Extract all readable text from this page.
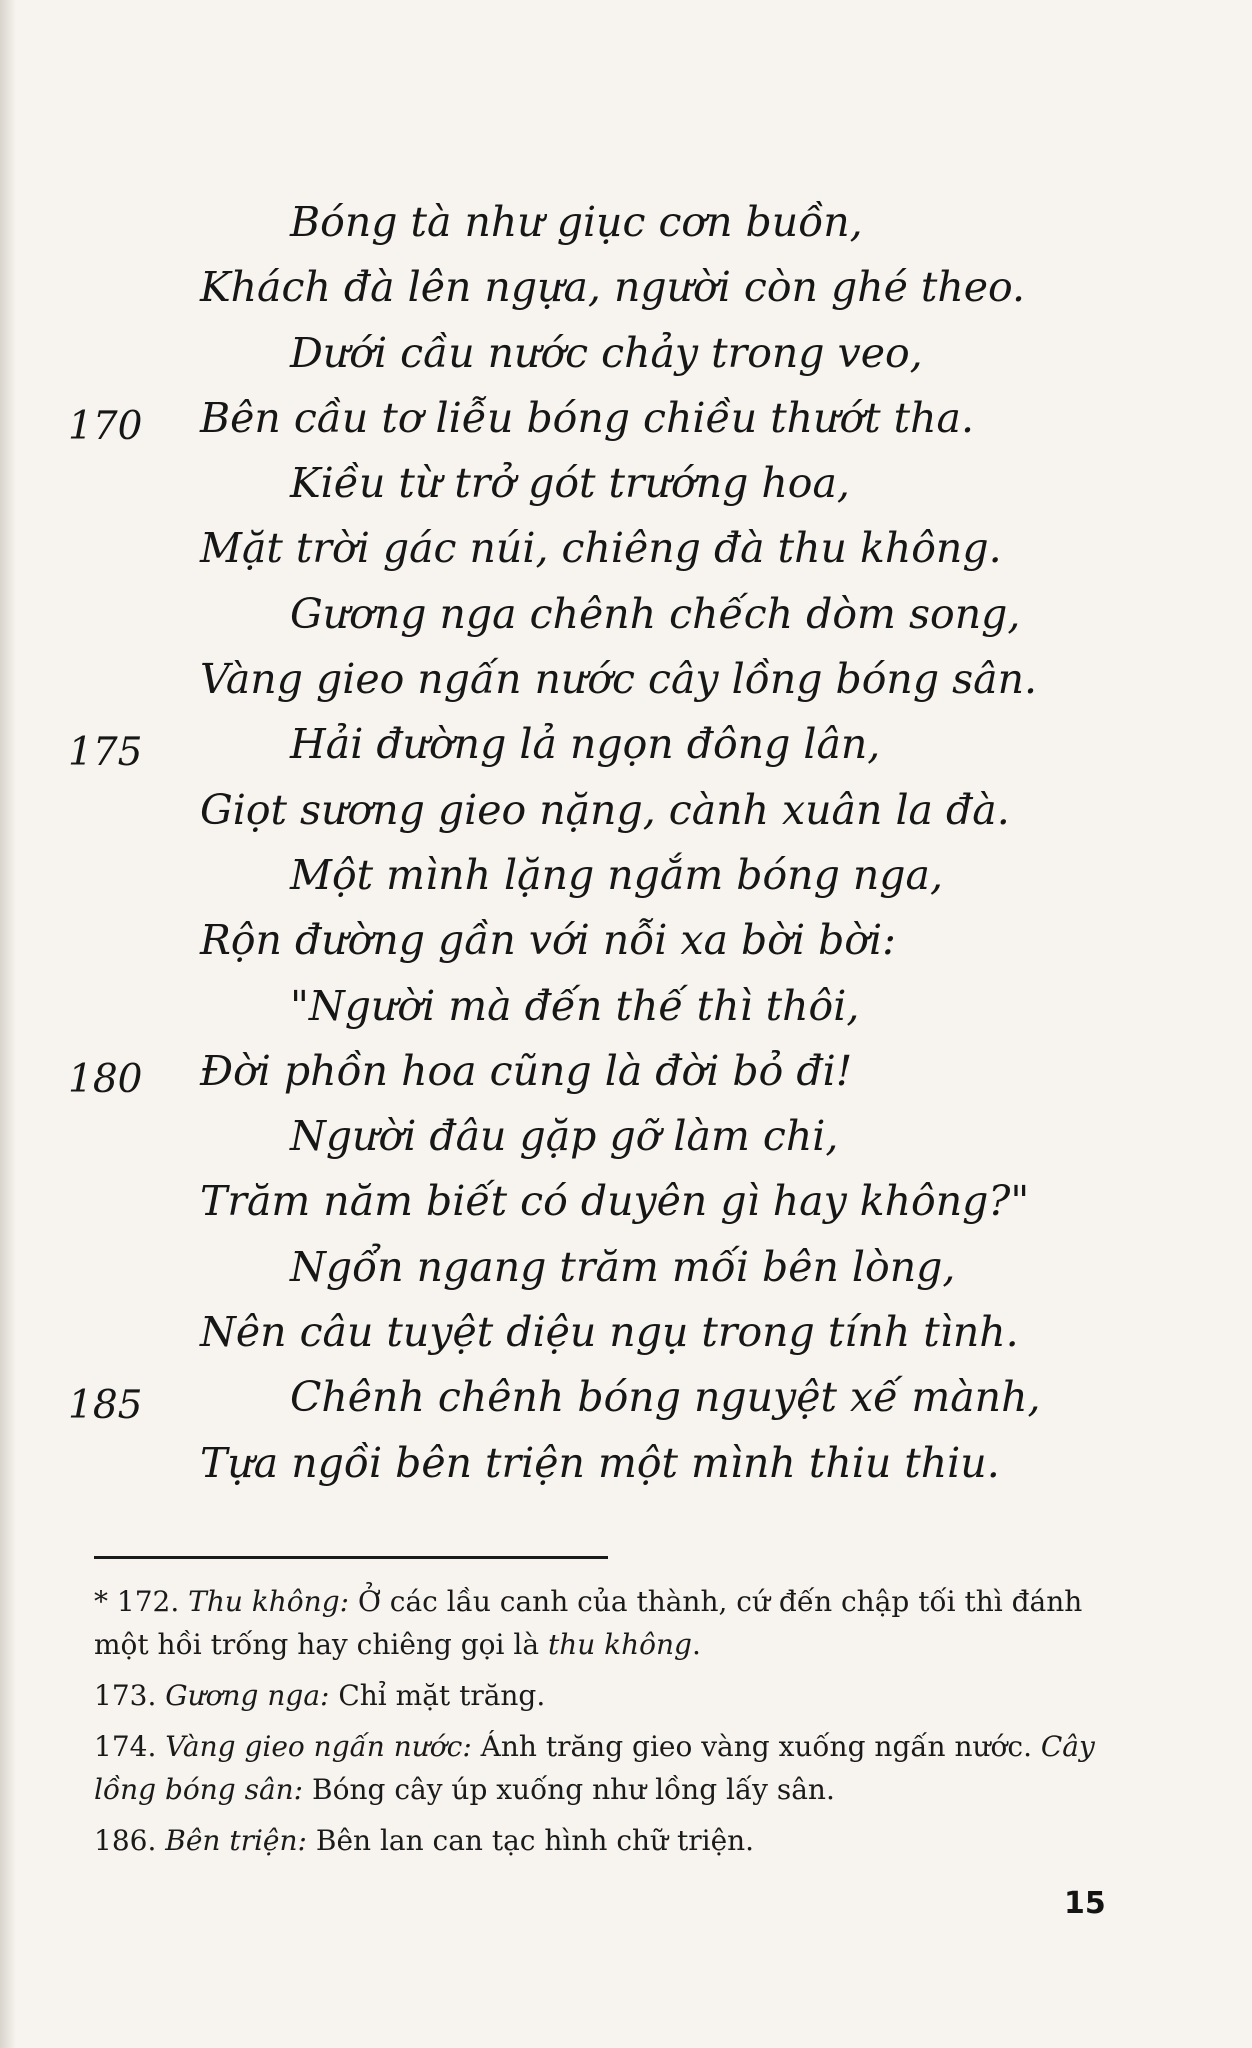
Bóng tà như giục cơn buồn,
Khách đà lên ngựa, người còn ghé theo.
Dưới cầu nước chảy trong veo,
170 Bên cầu tơ liễu bóng chiều thướt tha.
Kiều từ trở gót trướng hoa,
Mặt trời gác núi, chiêng đà thu không.
Gương nga chênh chếch dòm song,
Vàng gieo ngấn nước cây lồng bóng sân.
175	Hải đường lả ngọn đông lân,
Giọt sương gieo nặng, cành xuân la đà.
Một mình lặng ngắm bóng nga,
Rộn đường gần với nỗi xa bời bời:
"Người mà đến thế thì thôi,
180 Đời phồn hoa cũng là đời bỏ đi!
Người đâu gặp gỡ làm chi,
Trăm năm biết có duyên gì hay không?"
Ngổn ngang trăm mối bên lòng,
Nên câu tuyệt diệu ngụ trong tính tình.
185	Chênh chênh bóng nguyệt xế mành,
Tựa ngồi bên triện một mình thiu thiu.

* 172. Thu không: Ở các lầu canh của thành, cứ đến chập tối thì đánh một hồi trống hay chiêng gọi là thu không.

173. Gương nga: Chỉ mặt trăng.

174. Vàng gieo ngấn nước: Ánh trăng gieo vàng xuống ngấn nước. Cây lồng bóng sân: Bóng cây úp xuống như lồng lấy sân.

186. Bên triện: Bên lan can tạc hình chữ triện.

15
